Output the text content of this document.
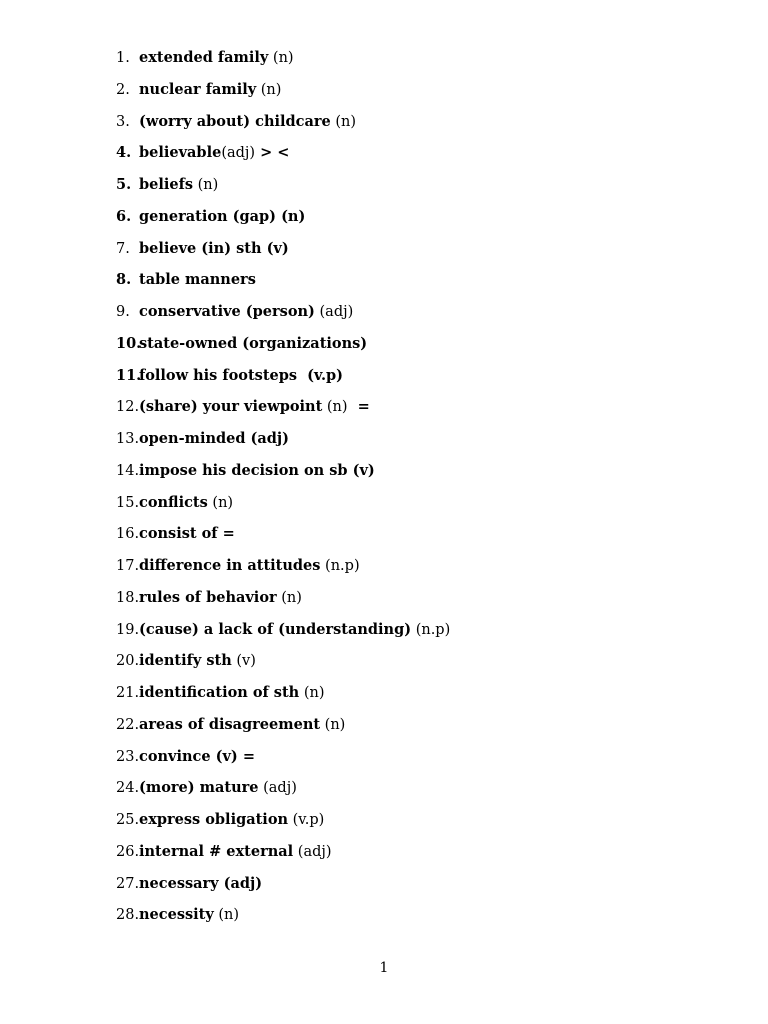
1. extended family (n)
2. nuclear family (n)
3. (worry about) childcare (n)
4. believable(adj) > <
5. beliefs (n)
6. generation (gap) (n)
7. believe (in) sth (v)
8. table manners
9. conservative (person) (adj)
10.
state-owned (organizations)
11.
follow his footsteps  (v.p)
12. (share) your viewpoint (n)  =
13. open-minded (adj)
14. impose his decision on sb (v)
15. conflicts (n)
16. consist of =
17. difference in attitudes (n.p)
18. rules of behavior (n)
19. (cause) a lack of (understanding) (n.p)
20. identify sth (v)
21. identification of sth (n)
22. areas of disagreement (n)
23. convince (v) =
24. (more) mature (adj)
25. express obligation (v.p)
26. internal # external (adj)
27. necessary (adj)
28. necessity (n)
1
